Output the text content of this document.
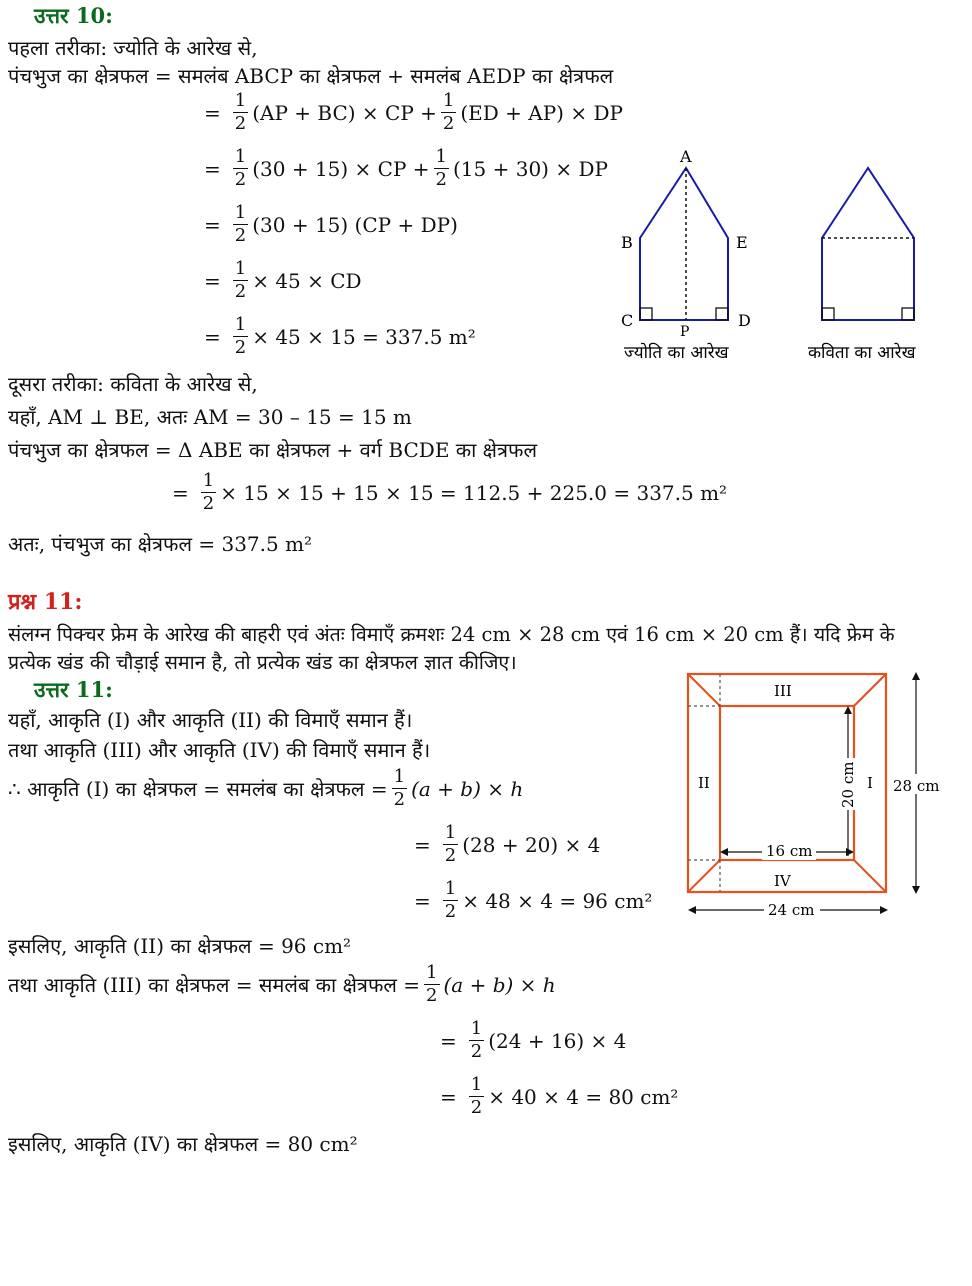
उत्तर 10:
पहला तरीका: ज्योति के आरेख से,
पंचभुज का क्षेत्रफल = समलंब ABCP का क्षेत्रफल + समलंब AEDP का क्षेत्रफल
= $\frac{1}{2} (AP + BC)$ × CP + $\frac{1}{2} (ED + AP)$ × DP
= $\frac{1}{2} (30 + 15)$ × CP + $\frac{1}{2} (15 + 30)$ × DP
= $\frac{1}{2} (30 + 15) (CP + DP)$
= $\frac{1}{2} \times 45$ × CD
= $\frac{1}{2} \times 45 \times 15 = 337.5$ m²
A
B	E
C	D
P
ज्योति का आरेख	कविता का आरेख
दूसरा तरीका: कविता के आरेख से,
यहाँ, AM ⊥ BE, अतः AM = 30 – 15 = 15 m
पंचभुज का क्षेत्रफल = Δ ABE का क्षेत्रफल + वर्ग BCDE का क्षेत्रफल
= $\frac{1}{2} \times 15 \times 15 + 15 \times 15 = 112.5 + 225.0 = 337.5$ m²
अतः, पंचभुज का क्षेत्रफल = 337.5 m²
प्रश्न 11:
संलग्न पिक्चर फ्रेम के आरेख की बाहरी एवं अंतः विमाएँ क्रमशः 24 cm × 28 cm एवं 16 cm × 20 cm हैं। यदि फ्रेम के
प्रत्येक खंड की चौड़ाई समान है, तो प्रत्येक खंड का क्षेत्रफल ज्ञात कीजिए।
उत्तर 11:
यहाँ, आकृति (I) और आकृति (II) की विमाएँ समान हैं।
तथा आकृति (III) और आकृति (IV) की विमाएँ समान हैं।
∴ आकृति (I) का क्षेत्रफल = समलंब का क्षेत्रफल = $\frac{1}{2} (a + b) \times h$
= $\frac{1}{2} (28 + 20) \times 4$
= $\frac{1}{2} \times 48 \times 4 = 96$ cm²
इसलिए, आकृति (II) का क्षेत्रफल = 96 cm²
तथा आकृति (III) का क्षेत्रफल = समलंब का क्षेत्रफल = $\frac{1}{2} (a + b) \times h$
= $\frac{1}{2} (24 + 16) \times 4$
= $\frac{1}{2} \times 40 \times 4 = 80$ cm²
इसलिए, आकृति (IV) का क्षेत्रफल = 80 cm²
III
II	I
IV
16 cm
20 cm 28 cm
24 cm
